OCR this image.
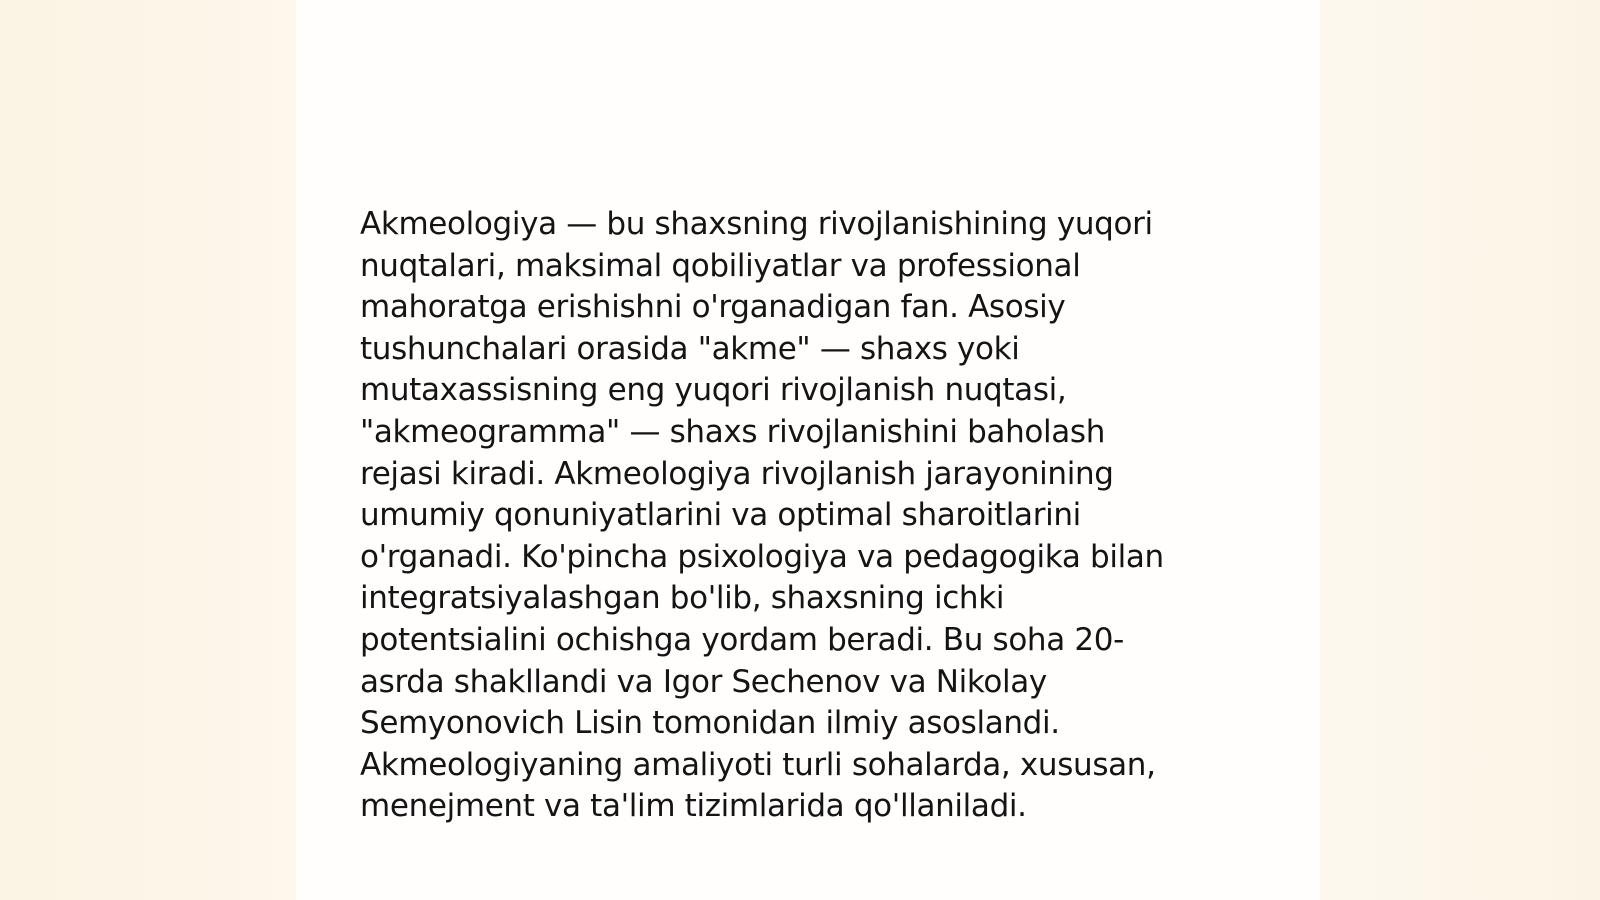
Akmeologiya — bu shaxsning rivojlanishining yuqori
nuqtalari, maksimal qobiliyatlar va professional
mahoratga erishishni o'rganadigan fan. Asosiy
tushunchalari orasida "akme" — shaxs yoki
mutaxassisning eng yuqori rivojlanish nuqtasi,
"akmeogramma" — shaxs rivojlanishini baholash
rejasi kiradi. Akmeologiya rivojlanish jarayonining
umumiy qonuniyatlarini va optimal sharoitlarini
o'rganadi. Ko'pincha psixologiya va pedagogika bilan
integratsiyalashgan bo'lib, shaxsning ichki
potentsialini ochishga yordam beradi. Bu soha 20-
asrda shakllandi va Igor Sechenov va Nikolay
Semyonovich Lisin tomonidan ilmiy asoslandi.
Akmeologiyaning amaliyoti turli sohalarda, xususan,
menejment va ta'lim tizimlarida qo'llaniladi.
